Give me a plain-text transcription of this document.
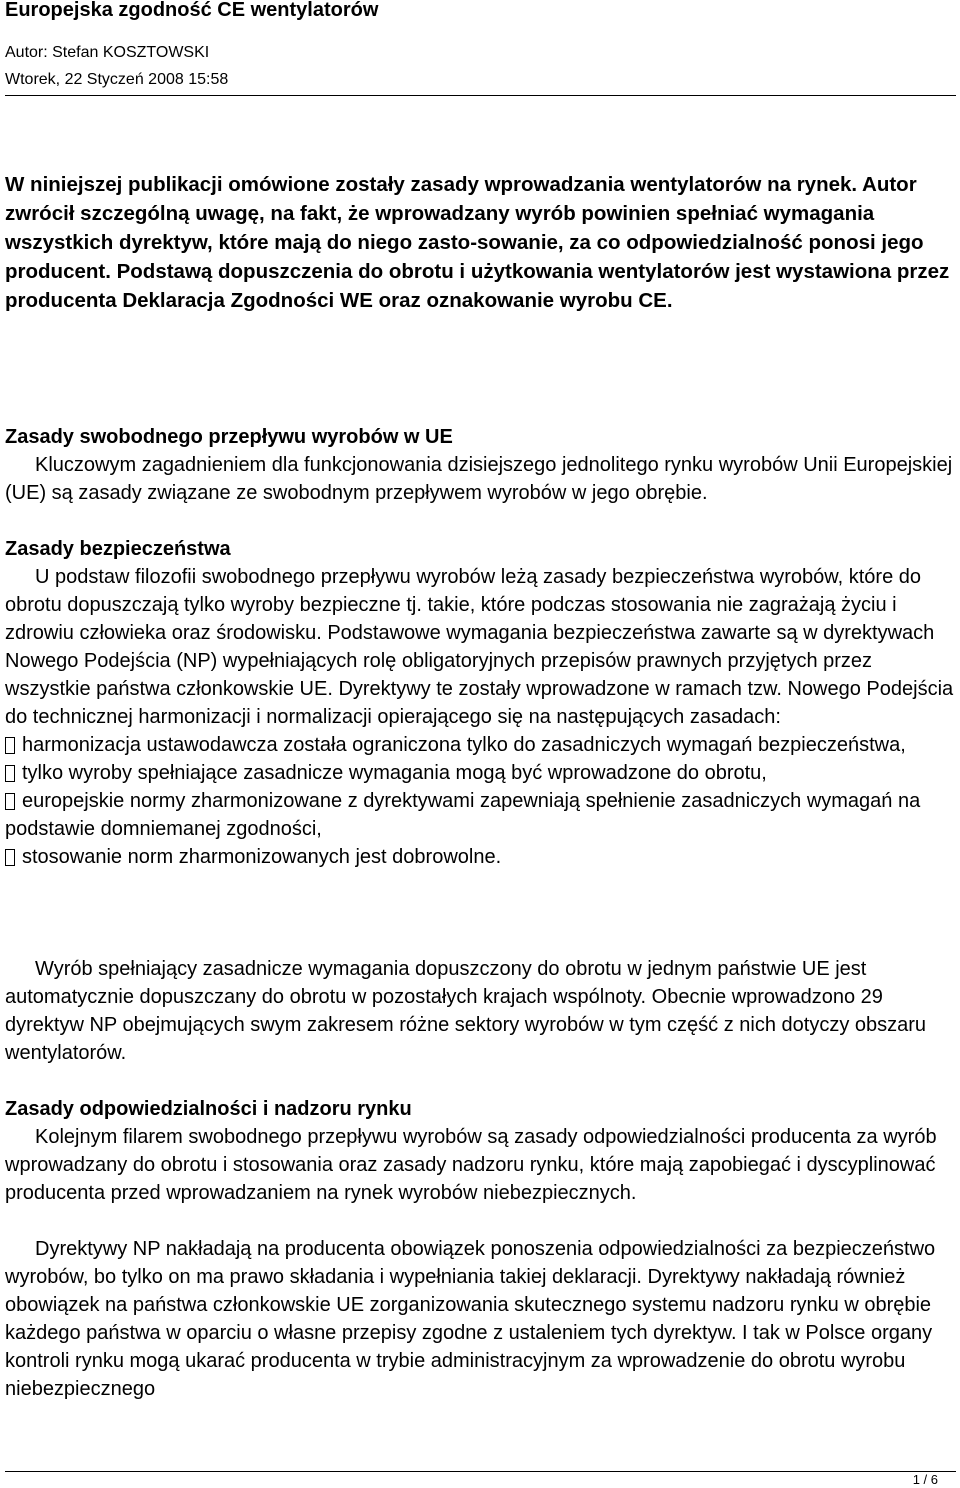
Europejska zgodność CE wentylatorów
Autor: Stefan KOSZTOWSKI
Wtorek, 22 Styczeń 2008 15:58
W niniejszej publikacji omówione zostały zasady wprowadzania wentylatorów na rynek. Autor zwrócił szczególną uwagę, na fakt, że wprowadzany wyrób powinien spełniać wymagania wszystkich dyrektyw, które mają do niego zasto-sowanie, za co odpowiedzialność ponosi jego producent. Podstawą dopuszczenia do obrotu i użytkowania wentylatorów jest wystawiona przez producenta Deklaracja Zgodności WE oraz oznakowanie wyrobu CE.
Zasady swobodnego przepływu wyrobów w UE
Kluczowym zagadnieniem dla funkcjonowania dzisiejszego jednolitego rynku wyrobów Unii Europejskiej (UE) są zasady związane ze swobodnym przepływem wyrobów w jego obrębie.
Zasady bezpieczeństwa
U podstaw filozofii swobodnego przepływu wyrobów leżą zasady bezpieczeństwa wyrobów, które do obrotu dopuszczają tylko wyroby bezpieczne tj. takie, które podczas stosowania nie zagrażają życiu i zdrowiu człowieka oraz środowisku. Podstawowe wymagania bezpieczeństwa zawarte są w dyrektywach Nowego Podejścia (NP) wypełniających rolę obligatoryjnych przepisów prawnych przyjętych przez wszystkie państwa członkowskie UE. Dyrektywy te zostały wprowadzone w ramach tzw. Nowego Podejścia do technicznej harmonizacji i normalizacji opierającego się na następujących zasadach:

harmonizacja ustawodawcza została ograniczona tylko do zasadniczych wymagań bezpieczeństwa,

tylko wyroby spełniające zasadnicze wymagania mogą być wprowadzone do obrotu,

europejskie normy zharmonizowane z dyrektywami zapewniają spełnienie zasadniczych wymagań na podstawie domniemanej zgodności,

stosowanie norm zharmonizowanych jest dobrowolne.

Wyrób spełniający zasadnicze wymagania dopuszczony do obrotu w jednym państwie UE jest automatycznie dopuszczany do obrotu w pozostałych krajach wspólnoty. Obecnie wprowadzono 29 dyrektyw NP obejmujących swym zakresem różne sektory wyrobów w tym część z nich dotyczy obszaru wentylatorów.
Zasady odpowiedzialności i nadzoru rynku
Kolejnym filarem swobodnego przepływu wyrobów są zasady odpowiedzialności producenta za wyrób wprowadzany do obrotu i stosowania oraz zasady nadzoru rynku, które mają zapobiegać i dyscyplinować producenta przed wprowadzaniem na rynek wyrobów niebezpiecznych.
Dyrektywy NP nakładają na producenta obowiązek ponoszenia odpowiedzialności za bezpieczeństwo wyrobów, bo tylko on ma prawo składania i wypełniania takiej deklaracji. Dyrektywy nakładają również obowiązek na państwa członkowskie UE zorganizowania skutecznego systemu nadzoru rynku w obrębie każdego państwa w oparciu o własne przepisy zgodne z ustaleniem tych dyrektyw. I tak w Polsce organy kontroli rynku mogą ukarać producenta w trybie administracyjnym za wprowadzenie do obrotu wyrobu niebezpiecznego
1 / 6
